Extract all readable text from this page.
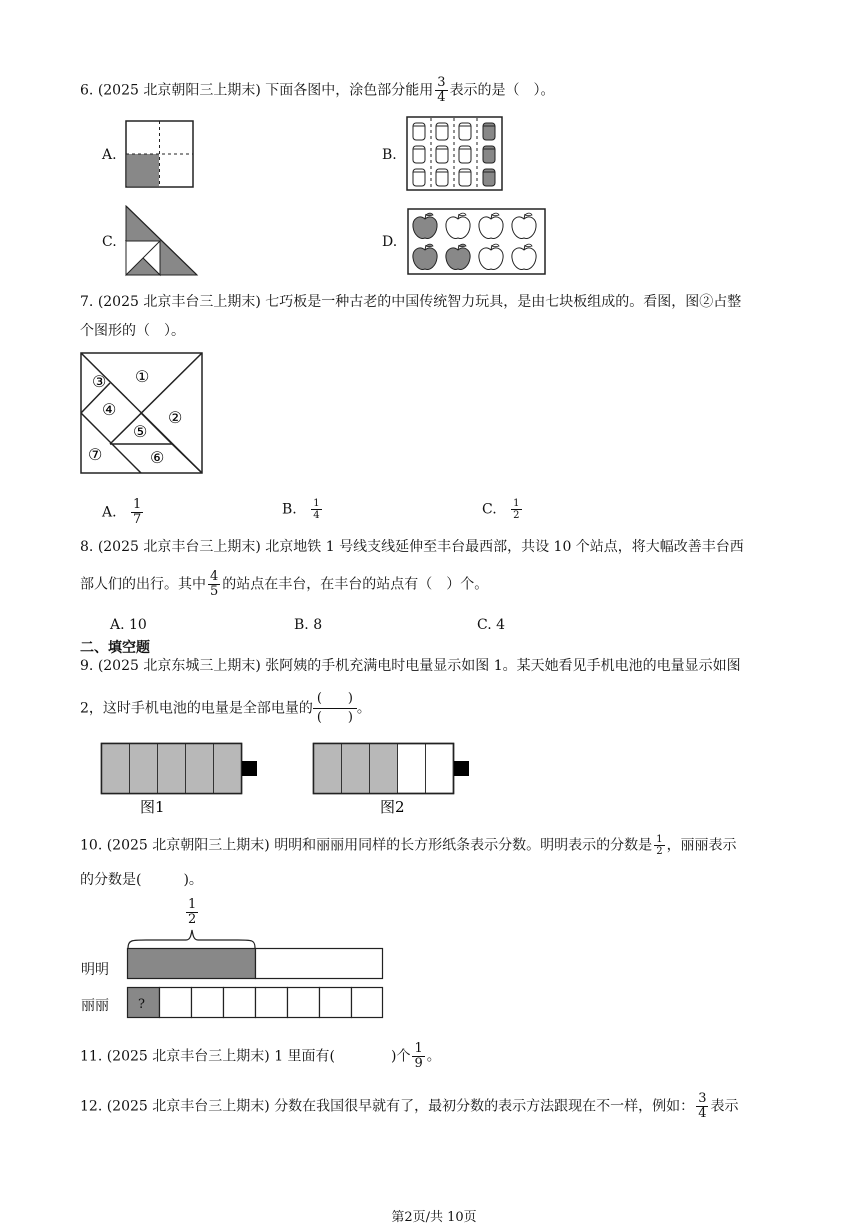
6. (2025 北京朝阳三上期末) 下面各图中，涂色部分能用 $\frac{3}{4}$ 表示的是（　）。
A.	B.
C.	D.
7. (2025 北京丰台三上期末) 七巧板是一种古老的中国传统智力玩具，是由七块板组成的。看图，图②占整
个图形的（　）。
③ ①
④	②
⑤
⑦	⑥
A. $\frac{1}{7}$	B. $\frac{1}{4}$	C. $\frac{1}{2}$
8. (2025 北京丰台三上期末) 北京地铁 1 号线支线延伸至丰台最西部，共设 10 个站点，将大幅改善丰台西
部人们的出行。其中 $\frac{4}{5}$ 的站点在丰台，在丰台的站点有（　）个。
A. 10	B. 8	C. 4
二、填空题
9. (2025 北京东城三上期末) 张阿姨的手机充满电时电量显示如图 1。某天她看见手机电池的电量显示如图
2，这时手机电池的电量是全部电量的 $\frac{( )}{( )}$ 。
图1	图2
10. (2025 北京朝阳三上期末) 明明和丽丽用同样的长方形纸条表示分数。明明表示的分数是 $\frac{1}{2}$ ，丽丽表示
的分数是(　　　)。
$\frac{1}{2}$
明明
丽丽 ?
11. (2025 北京丰台三上期末) 1 里面有(　　　　)个 $\frac{1}{9}$ 。
12. (2025 北京丰台三上期末) 分数在我国很早就有了，最初分数的表示方法跟现在不一样，例如： $\frac{3}{4}$ 表示
第2页/共 10页
